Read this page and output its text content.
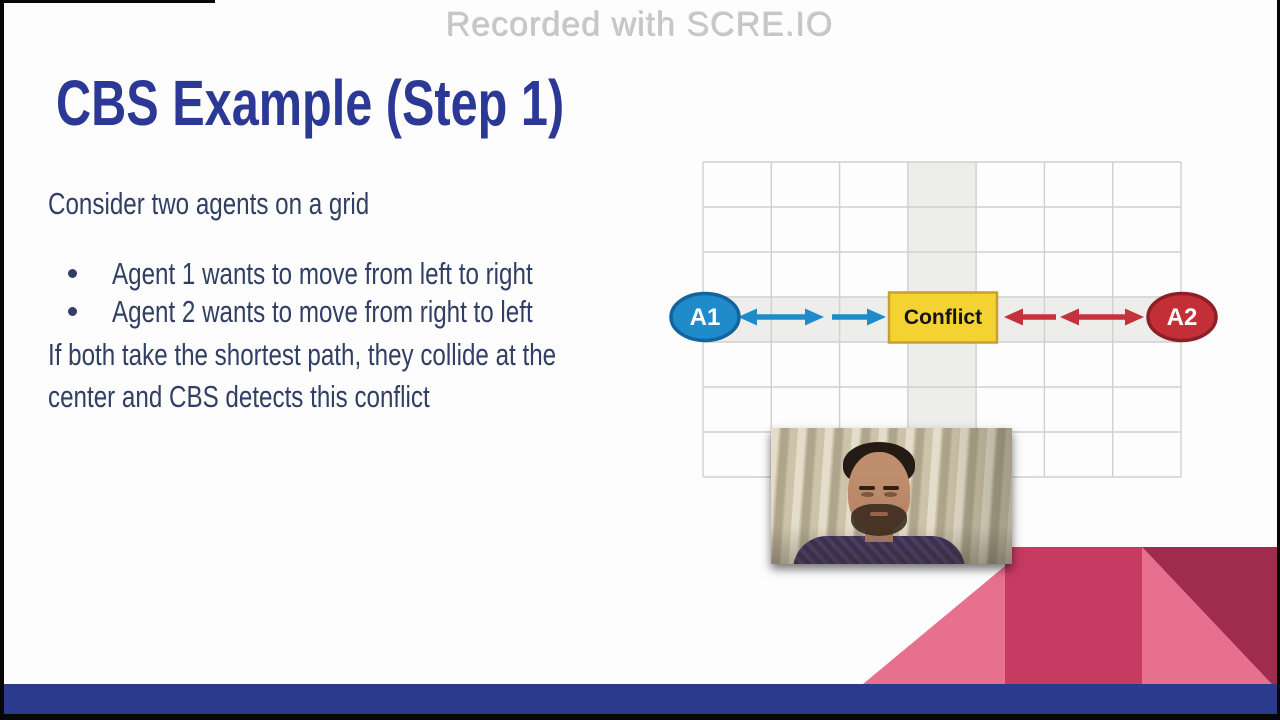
Recorded with SCRE.IO
CBS Example (Step 1)
Consider two agents on a grid
Agent 1 wants to move from left to right
Agent 2 wants to move from right to left
If both take the shortest path, they collide at the
center and CBS detects this conflict
Conflict
A1	A2
